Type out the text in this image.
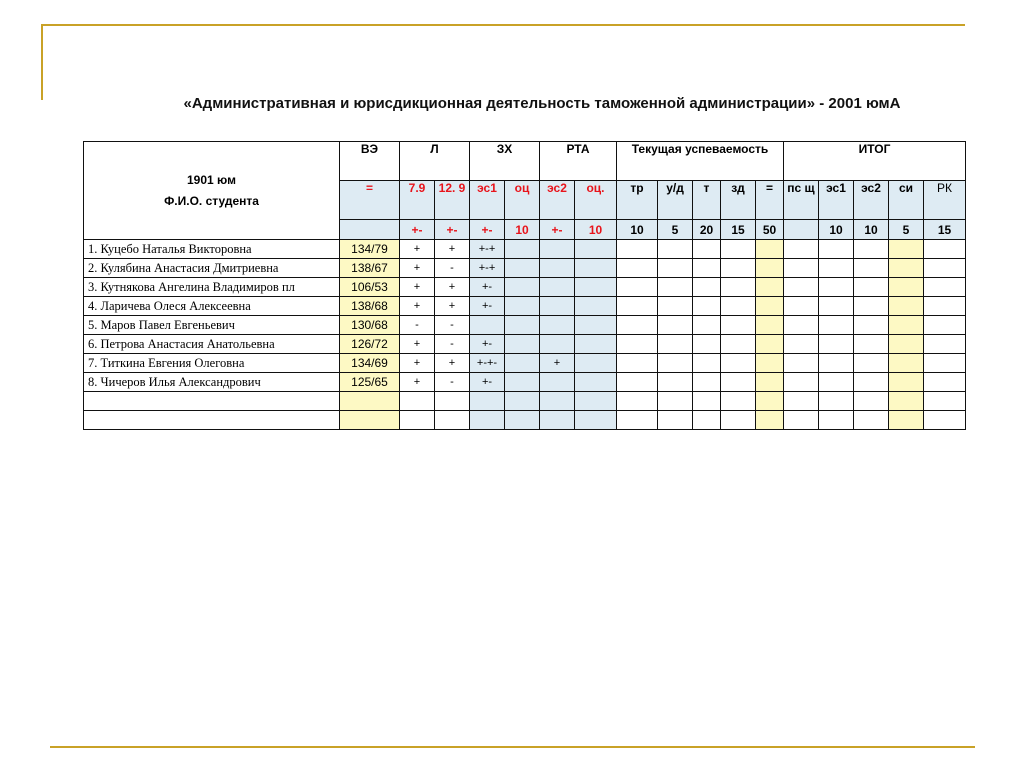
«Административная и юрисдикционная деятельность таможенной администрации» - 2001 юмА
1901 юм
Ф.И.О. студента	ВЭ	Л		ЗХ		РТА		Текущая успеваемость					ИТОГ				
	=	7.9	12. 9	эс1	оц	эс2	оц.	тр	у/д	т	зд	=	пс щ	эс1	эс2	си	РК
		+-	+-	+-	10	+-	10	10	5	20	15	50		10	10	5	15
1. Куцебо Наталья Викторовна	134/79	+	+	+-+													
2. Кулябина Анастасия Дмитриевна	138/67	+	-	+-+													
3. Кутнякова Ангелина Владимиров пл	106/53	+	+	+-													
4. Ларичева Олеся Алексеевна	138/68	+	+	+-													
5. Маров Павел Евгеньевич	130/68	-	-														
6. Петрова Анастасия Анатольевна	126/72	+	-	+-													
7. Титкина Евгения Олеговна	134/69	+	+	+-+-		+											
8. Чичеров Илья Александрович	125/65	+	-	+-													
